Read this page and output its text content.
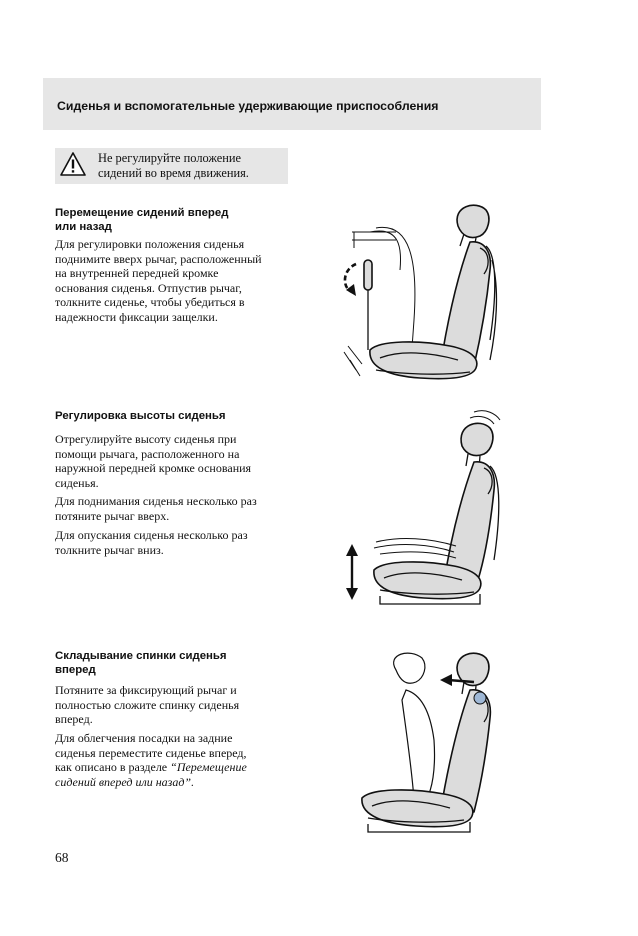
Сиденья и вспомогательные удерживающие приспособления
Не регулируйте положение
сидений во время движения.
Перемещение сидений вперед
или назад
Для регулировки положения сиденья
поднимите вверх рычаг, расположенный
на внутренней передней кромке
основания сиденья. Отпустив рычаг,
толкните сиденье, чтобы убедиться в
надежности фиксации защелки.
Регулировка высоты сиденья
Отрегулируйте высоту сиденья при
помощи рычага, расположенного на
наружной передней кромке основания
сиденья.
Для поднимания сиденья несколько раз
потяните рычаг вверх.
Для опускания сиденья несколько раз
толкните рычаг вниз.
Складывание спинки сиденья
вперед
Потяните за фиксирующий рычаг и
полностью сложите спинку сиденья
вперед.
Для облегчения посадки на задние
сиденья переместите сиденье вперед,
как описано в разделе “Перемещение
сидений вперед или назад”.
68
